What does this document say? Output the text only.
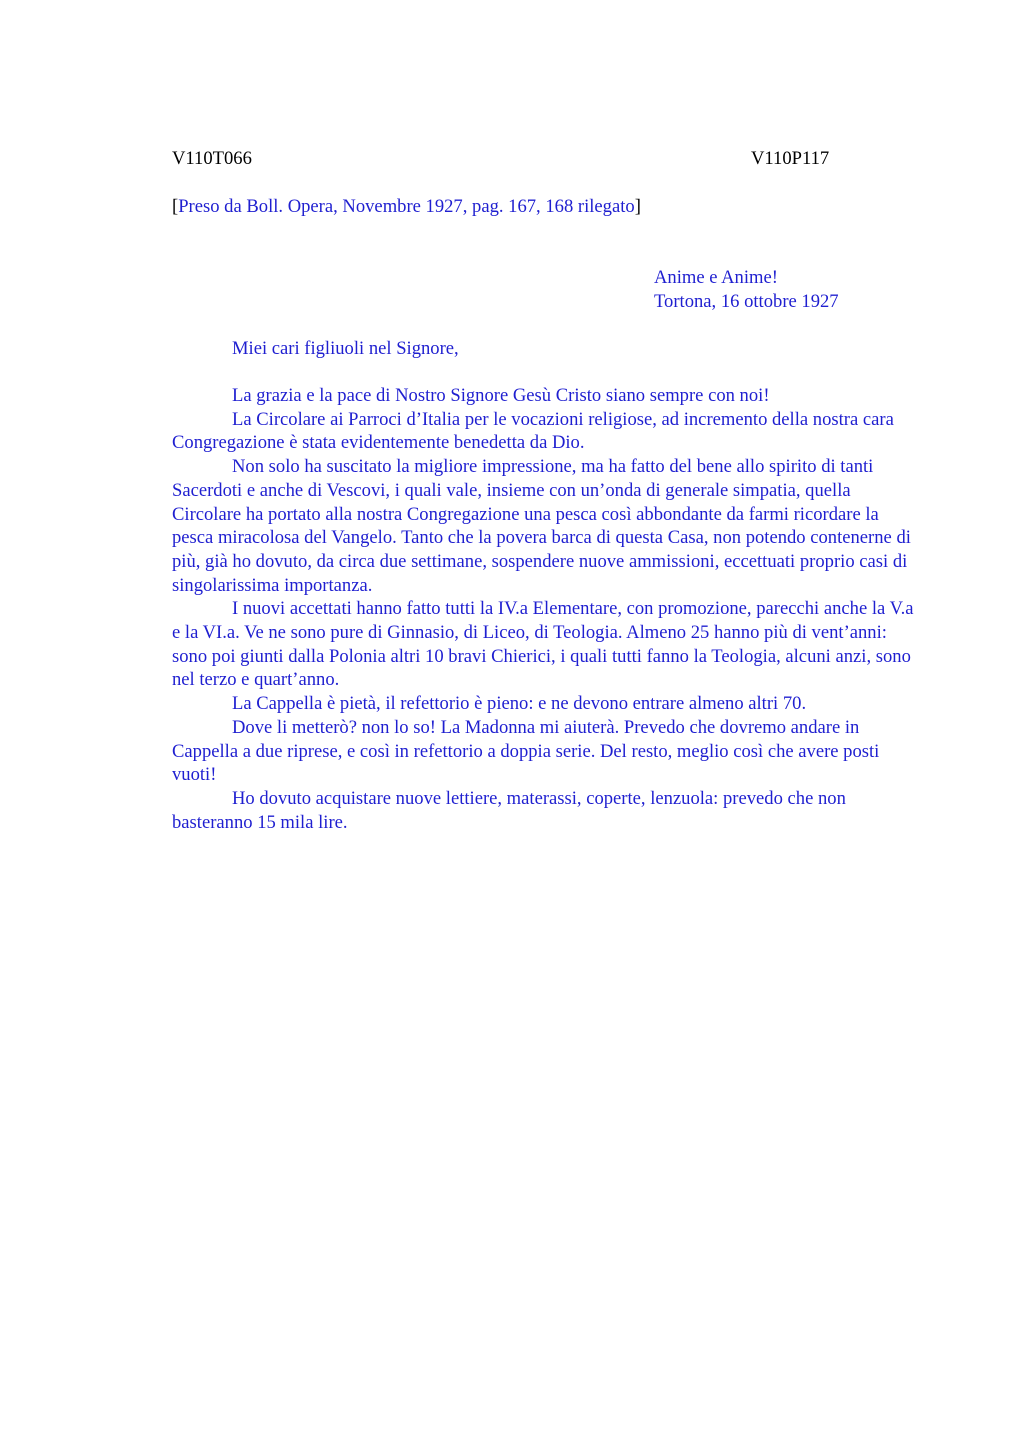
V110T066	V110P117
[Preso da Boll. Opera, Novembre 1927, pag. 167, 168 rilegato]
Anime e Anime!
Tortona, 16 ottobre 1927
Miei cari figliuoli nel Signore,

La grazia e la pace di Nostro Signore Gesù Cristo siano sempre con noi!

La Circolare ai Parroci d’Italia per le vocazioni religiose, ad incremento della nostra cara Congregazione è stata evidentemente benedetta da Dio.

Non solo ha suscitato la migliore impressione, ma ha fatto del bene allo spirito di tanti Sacerdoti e anche di Vescovi, i quali vale, insieme con un’onda di generale simpatia, quella Circolare ha portato alla nostra Congregazione una pesca così abbondante da farmi ricordare la pesca miracolosa del Vangelo. Tanto che la povera barca di questa Casa, non potendo contenerne di più, già ho dovuto, da circa due settimane, sospendere nuove ammissioni, eccettuati proprio casi di singolarissima importanza.

I nuovi accettati hanno fatto tutti la IV.a Elementare, con promozione, parecchi anche la V.a e la VI.a. Ve ne sono pure di Ginnasio, di Liceo, di Teologia. Almeno 25 hanno più di vent’anni: sono poi giunti dalla Polonia altri 10 bravi Chierici, i quali tutti fanno la Teologia, alcuni anzi, sono nel terzo e quart’anno.

La Cappella è pietà, il refettorio è pieno: e ne devono entrare almeno altri 70.

Dove li metterò? non lo so! La Madonna mi aiuterà. Prevedo che dovremo andare in Cappella a due riprese, e così in refettorio a doppia serie. Del resto, meglio così che avere posti vuoti!

Ho dovuto acquistare nuove lettiere, materassi, coperte, lenzuola: prevedo che non basteranno 15 mila lire.
